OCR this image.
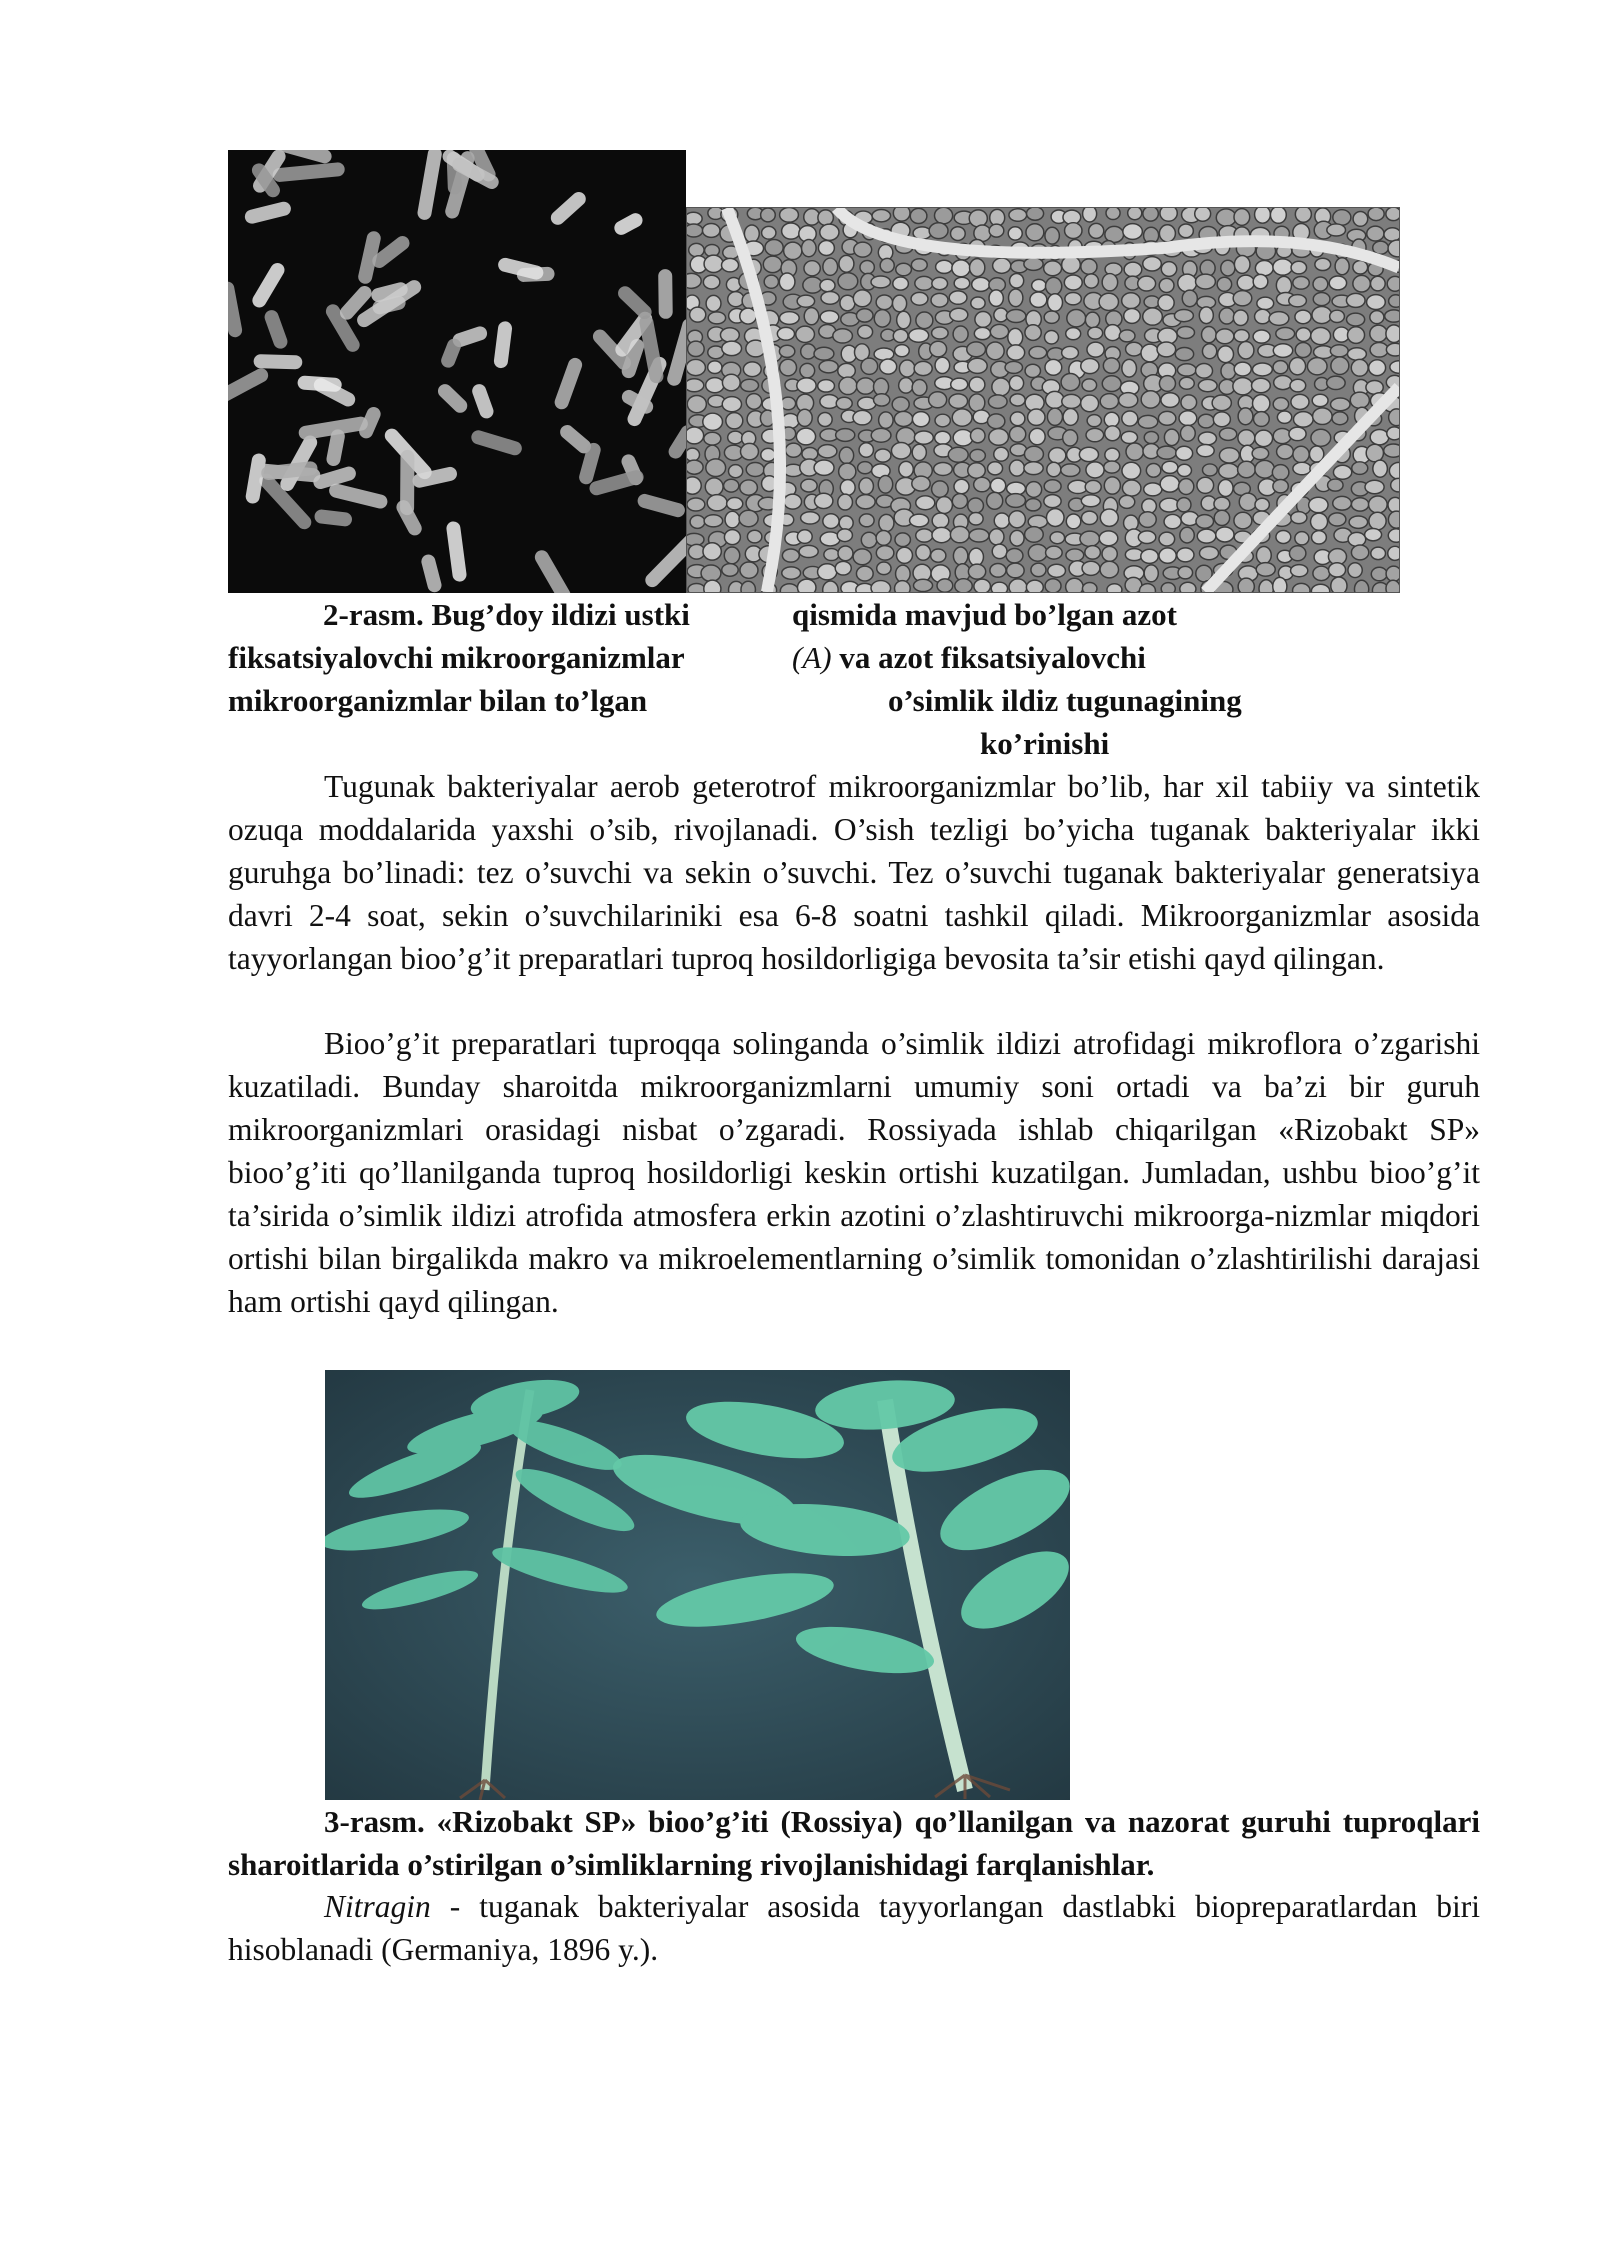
2-rasm. Bug’doy ildizi ustki
fiksatsiyalovchi mikroorganizmlar
mikroorganizmlar bilan to’lgan
qismida mavjud bo’lgan azot
(A) va azot fiksatsiyalovchi
o’simlik ildiz tugunagining
ko’rinishi
Tugunak bakteriyalar aerob geterotrof mikroorganizmlar bo’lib, har xil tabiiy va sintetik ozuqa moddalarida yaxshi o’sib, rivojlanadi. O’sish tezligi bo’yicha tuganak bakteriyalar ikki guruhga bo’linadi: tez o’suvchi va sekin o’suvchi. Tez o’suvchi tuganak bakteriyalar generatsiya davri 2-4 soat, sekin o’suvchilariniki esa 6-8 soatni tashkil qiladi. Mikroorganizmlar asosida tayyorlangan bioo’g’it preparatlari tuproq hosildorligiga bevosita ta’sir etishi qayd qilingan.
Bioo’g’it preparatlari tuproqqa solinganda o’simlik ildizi atrofidagi mikroflora o’zgarishi kuzatiladi. Bunday sharoitda mikroorganizmlarni umumiy soni ortadi va ba’zi bir guruh mikroorganizmlari orasidagi nisbat o’zgaradi. Rossiyada ishlab chiqarilgan «Rizobakt SP» bioo’g’iti qo’llanilganda tuproq hosildorligi keskin ortishi kuzatilgan. Jumladan, ushbu bioo’g’it ta’sirida o’simlik ildizi atrofida atmosfera erkin azotini o’zlashtiruvchi mikroorga-nizmlar miqdori ortishi bilan birgalikda makro va mikroelementlarning o’simlik tomonidan o’zlashtirilishi darajasi ham ortishi qayd qilingan.
3-rasm. «Rizobakt SP» bioo’g’iti (Rossiya) qo’llanilgan va nazorat guruhi tuproqlari sharoitlarida o’stirilgan o’simliklarning rivojlanishidagi farqlanishlar.
Nitragin - tuganak bakteriyalar asosida tayyorlangan dastlabki biopreparatlardan biri hisoblanadi (Germaniya, 1896 y.).
